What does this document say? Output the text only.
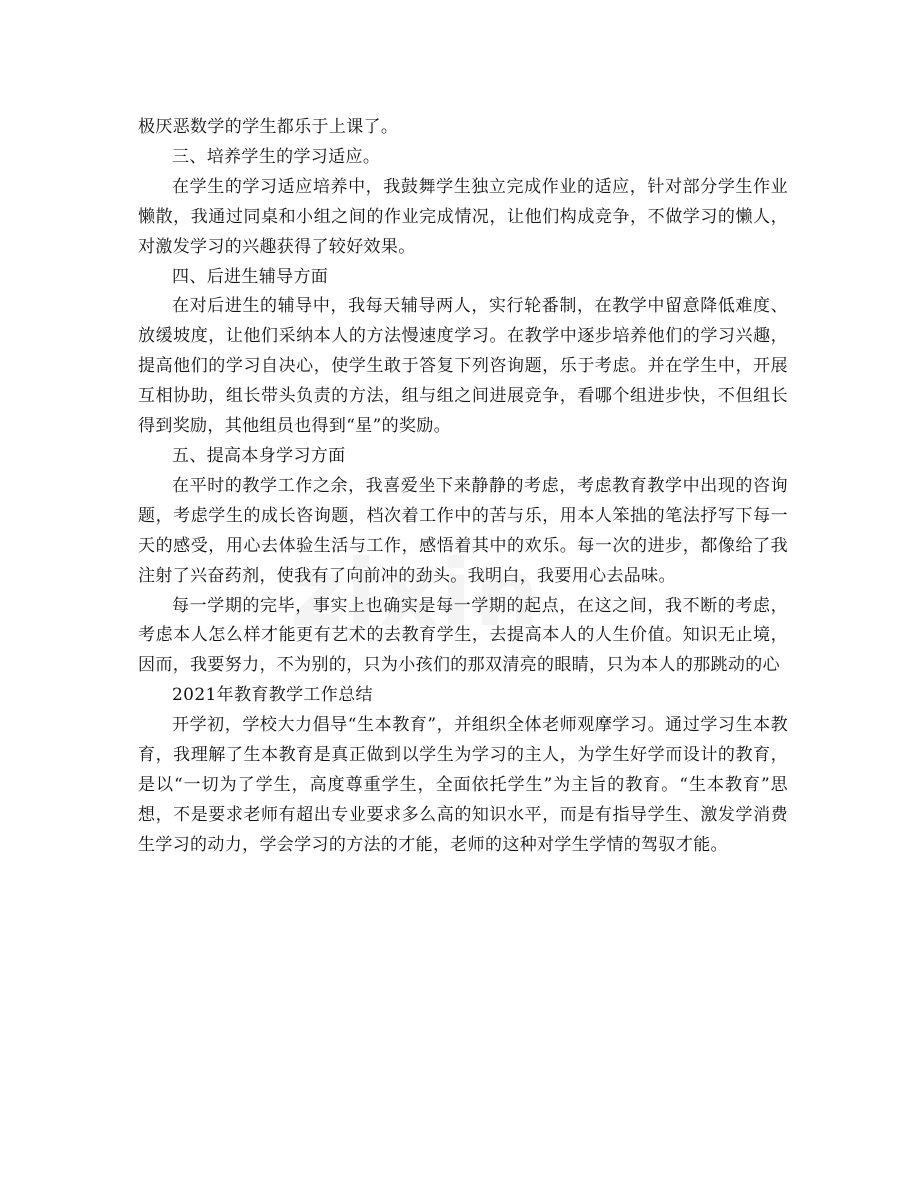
极厌恶数学的学生都乐于上课了。

三、培养学生的学习适应。

在学生的学习适应培养中，我鼓舞学生独立完成作业的适应，针对部分学生作业懒散，我通过同桌和小组之间的作业完成情况，让他们构成竞争，不做学习的懒人，对激发学习的兴趣获得了较好效果。

四、后进生辅导方面

在对后进生的辅导中，我每天辅导两人，实行轮番制，在教学中留意降低难度、放缓坡度，让他们采纳本人的方法慢速度学习。在教学中逐步培养他们的学习兴趣，提高他们的学习自决心，使学生敢于答复下列咨询题，乐于考虑。并在学生中，开展互相协助，组长带头负责的方法，组与组之间进展竞争，看哪个组进步快，不但组长得到奖励，其他组员也得到“星”的奖励。

五、提高本身学习方面

在平时的教学工作之余，我喜爱坐下来静静的考虑，考虑教育教学中出现的咨询题，考虑学生的成长咨询题，档次着工作中的苦与乐，用本人笨拙的笔法抒写下每一天的感受，用心去体验生活与工作，感悟着其中的欢乐。每一次的进步，都像给了我注射了兴奋药剂，使我有了向前冲的劲头。我明白，我要用心去品味。

每一学期的完毕，事实上也确实是每一学期的起点，在这之间，我不断的考虑，考虑本人怎么样才能更有艺术的去教育学生，去提高本人的人生价值。知识无止境，因而，我要努力，不为别的，只为小孩们的那双清亮的眼睛，只为本人的那跳动的心

2021年教育教学工作总结

开学初，学校大力倡导“生本教育”，并组织全体老师观摩学习。通过学习生本教育，我理解了生本教育是真正做到以学生为学习的主人，为学生好学而设计的教育，是以“一切为了学生，高度尊重学生，全面依托学生”为主旨的教育。“生本教育”思想，不是要求老师有超出专业要求多么高的知识水平，而是有指导学生、激发学消费生学习的动力，学会学习的方法的才能，老师的这种对学生学情的驾驭才能。
